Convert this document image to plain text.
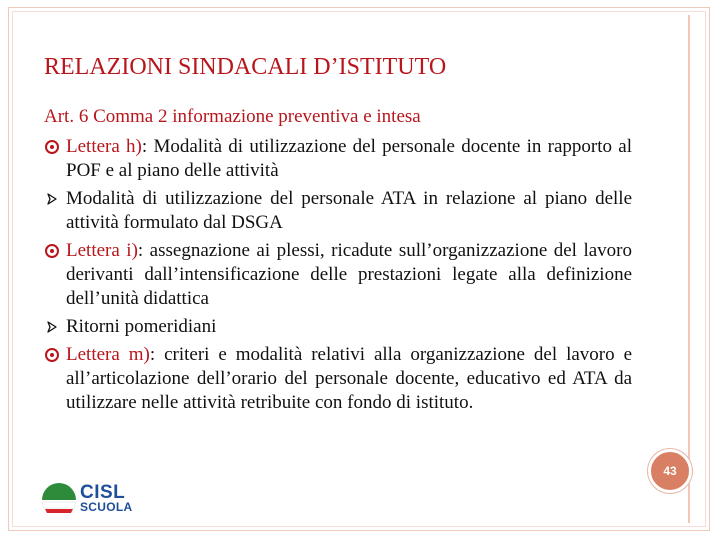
RELAZIONI SINDACALI D’ISTITUTO

Art. 6 Comma 2 informazione preventiva e intesa

Lettera h): Modalità di utilizzazione del personale docente in rapporto al POF e al piano delle attività
Modalità di utilizzazione del personale ATA in relazione al piano delle attività formulato dal DSGA
Lettera i): assegnazione ai plessi, ricadute sull’organizzazione del lavoro derivanti dall’intensificazione delle prestazioni legate alla definizione dell’unità didattica
Ritorni pomeridiani
Lettera m): criteri e modalità relativi alla organizzazione del lavoro e all’articolazione dell’orario del personale docente, educativo ed ATA da utilizzare nelle attività retribuite con fondo di istituto.
43
CISL
SCUOLA
